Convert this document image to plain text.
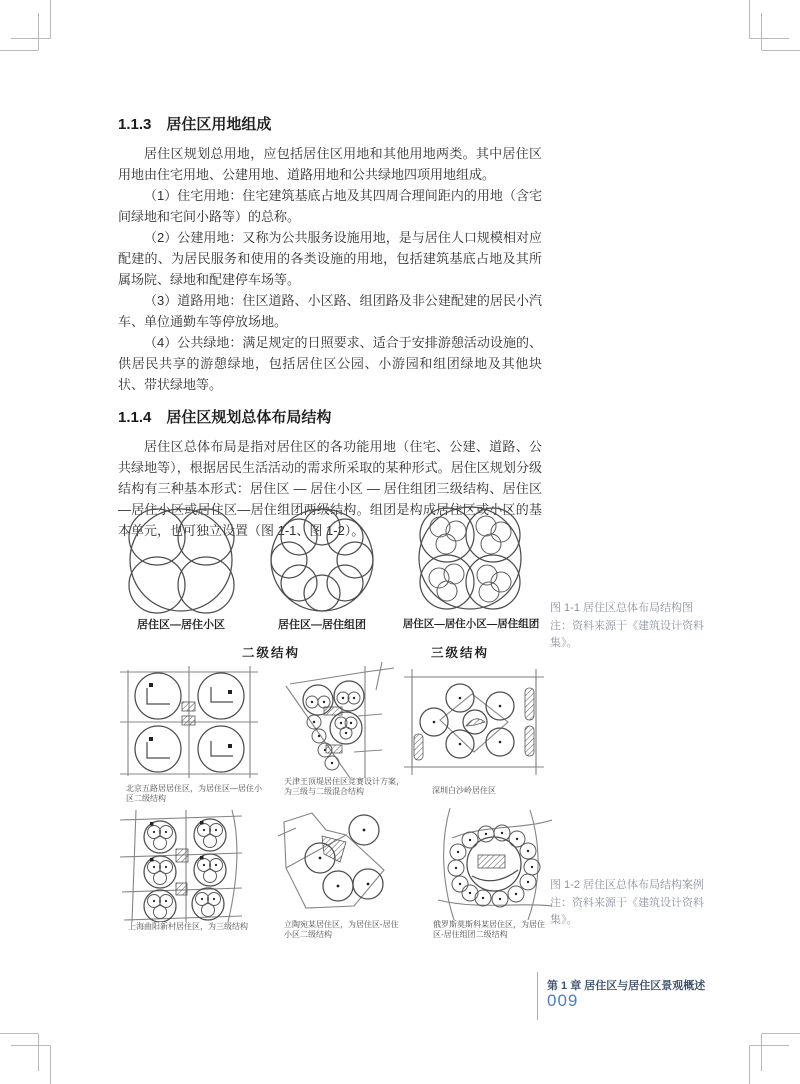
1.1.3　居住区用地组成

居住区规划总用地，应包括居住区用地和其他用地两类。其中居住区用地由住宅用地、公建用地、道路用地和公共绿地四项用地组成。

（1）住宅用地：住宅建筑基底占地及其四周合理间距内的用地（含宅间绿地和宅间小路等）的总称。

（2）公建用地：又称为公共服务设施用地，是与居住人口规模相对应配建的、为居民服务和使用的各类设施的用地，包括建筑基底占地及其所属场院、绿地和配建停车场等。

（3）道路用地：住区道路、小区路、组团路及非公建配建的居民小汽车、单位通勤车等停放场地。

（4）公共绿地：满足规定的日照要求、适合于安排游憩活动设施的、供居民共享的游憩绿地，包括居住区公园、小游园和组团绿地及其他块状、带状绿地等。

1.1.4　居住区规划总体布局结构

居住区总体布局是指对居住区的各功能用地（住宅、公建、道路、公共绿地等），根据居民生活活动的需求所采取的某种形式。居住区规划分级结构有三种基本形式：居住区 — 居住小区 — 居住组团三级结构、居住区—居住小区或居住区—居住组团两级结构。组团是构成居住区或小区的基本单元，也可独立设置（图 1-1、图 1-2）。

居住区—居住小区	居住区—居住组团	居住区—居住小区—居住组团
二级结构	三级结构
图 1-1 居住区总体布局结构图
注：资料来源于《建筑设计资料集》。
北京五路居居住区，为居住区—居住小区二级结构
天津王顶堤居住区竞赛设计方案，为三级与二级混合结构	深圳白沙岭居住区
上海曲阳新村居住区，为三级结构	立陶宛某居住区，为居住区-居住小区二级结构
俄罗斯莫斯科某居住区，为居住区-居住组团二级结构
图 1-2 居住区总体布局结构案例
注：资料来源于《建筑设计资料集》。
第 1 章 居住区与居住区景观概述
009
